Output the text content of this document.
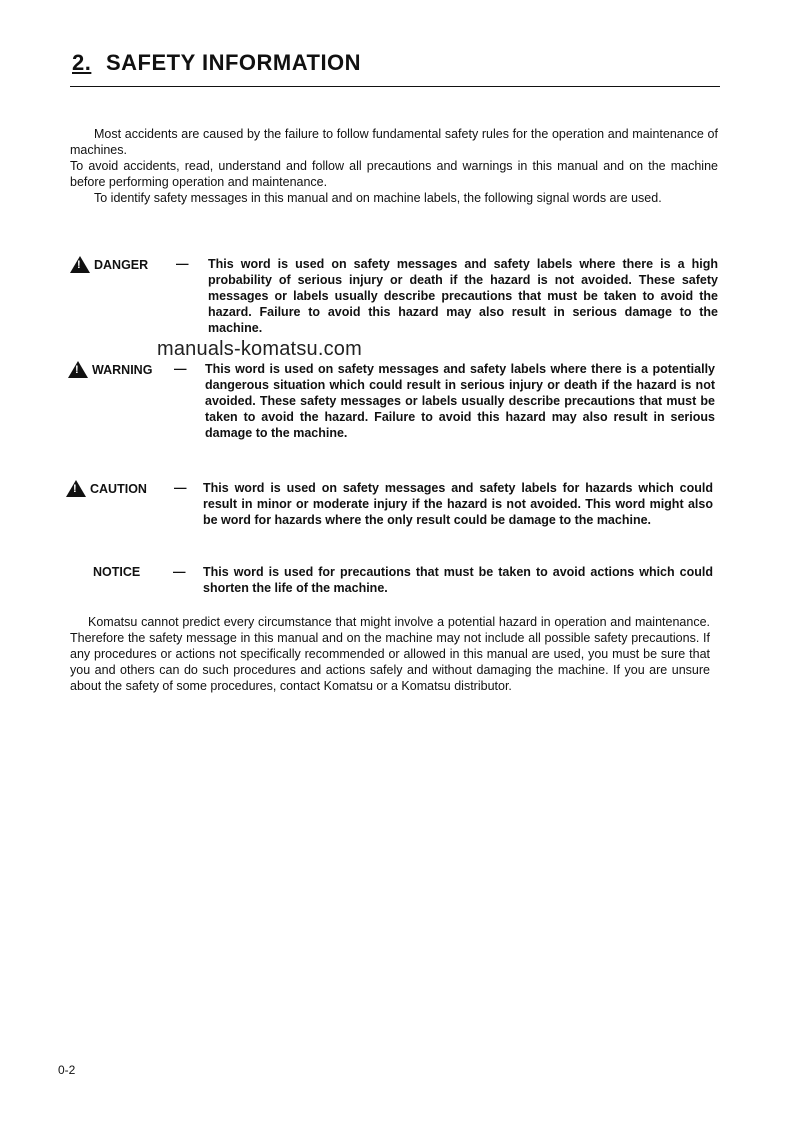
2. SAFETY INFORMATION

Most accidents are caused by the failure to follow fundamental safety rules for the operation and maintenance of machines.

To avoid accidents, read, understand and follow all precautions and warnings in this manual and on the machine before performing operation and maintenance.

To identify safety messages in this manual and on machine labels, the following signal words are used.

!
DANGER — This word is used on safety messages and safety labels where there is a high probability of serious injury or death if the hazard is not avoided. These safety messages or labels usually describe precautions that must be taken to avoid the hazard. Failure to avoid this hazard may also result in serious damage to the machine.
!
WARNING — This word is used on safety messages and safety labels where there is a potentially dangerous situation which could result in serious injury or death if the hazard is not avoided. These safety messages or labels usually describe precautions that must be taken to avoid the hazard. Failure to avoid this hazard may also result in serious damage to the machine.
!
CAUTION — This word is used on safety messages and safety labels for hazards which could result in minor or moderate injury if the hazard is not avoided. This word might also be word for hazards where the only result could be damage to the machine.
NOTICE	— This word is used for precautions that must be taken to avoid actions which could shorten the life of the machine.
manuals-komatsu.com

Komatsu cannot predict every circumstance that might involve a potential hazard in operation and maintenance. Therefore the safety message in this manual and on the machine may not include all possible safety precautions. If any procedures or actions not specifically recommended or allowed in this manual are used, you must be sure that you and others can do such procedures and actions safely and without damaging the machine. If you are unsure about the safety of some procedures, contact Komatsu or a Komatsu distributor.

0-2
